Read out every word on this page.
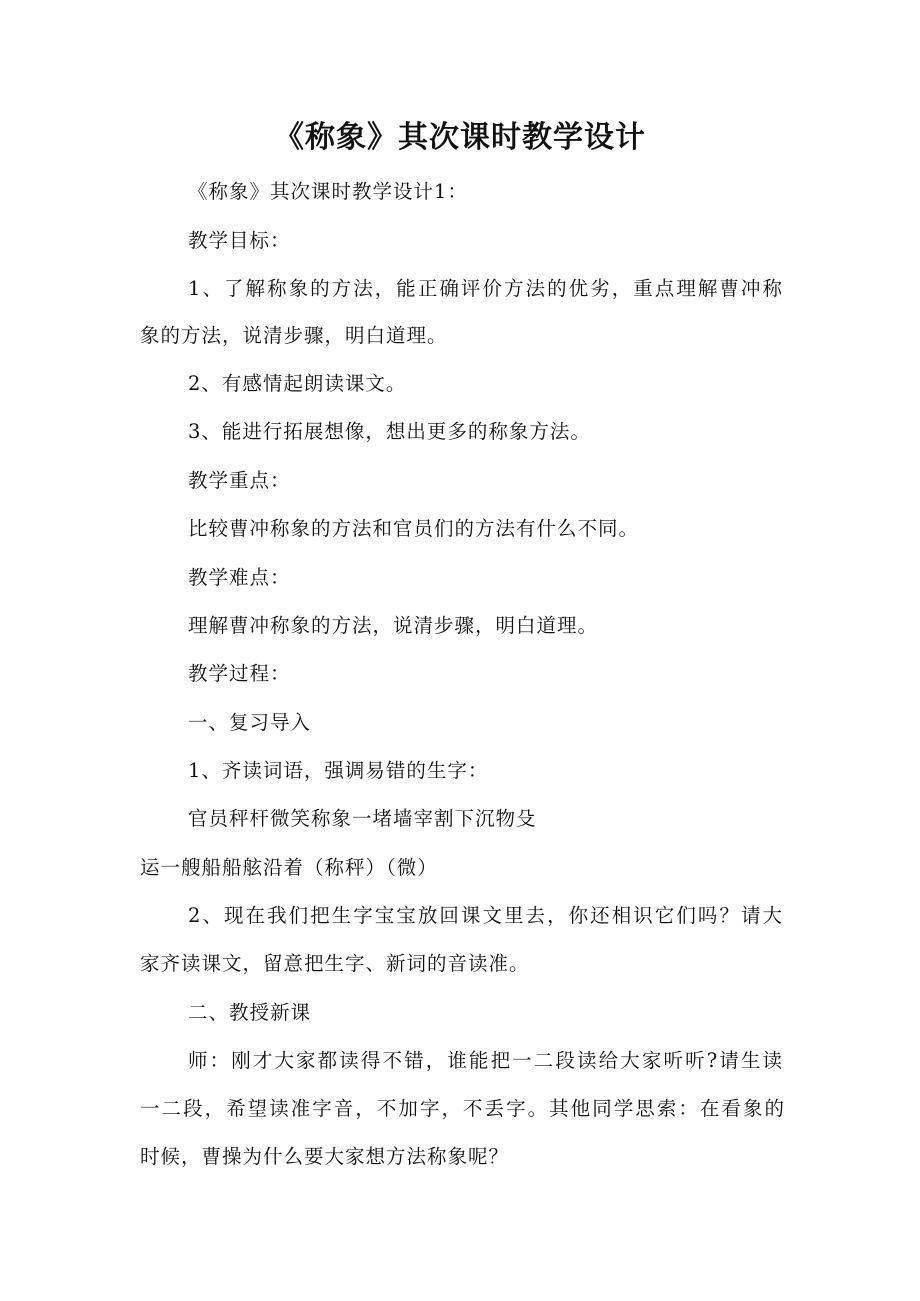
《称象》其次课时教学设计
《称象》其次课时教学设计1：
教学目标：
1、了解称象的方法，能正确评价方法的优劣，重点理解曹冲称
象的方法，说清步骤，明白道理。
2、有感情起朗读课文。
3、能进行拓展想像，想出更多的称象方法。
教学重点：
比较曹冲称象的方法和官员们的方法有什么不同。
教学难点：
理解曹冲称象的方法，说清步骤，明白道理。
教学过程：
一、复习导入
1、齐读词语，强调易错的生字：
官员秤杆微笑称象一堵墙宰割下沉物殳
运一艘船船舷沿着（称秤）（微）
2、现在我们把生字宝宝放回课文里去，你还相识它们吗？请大
家齐读课文，留意把生字、新词的音读准。
二、教授新课
师：刚才大家都读得不错，谁能把一二段读给大家听听?请生读
一二段，希望读准字音，不加字，不丢字。其他同学思索：在看象的
时候，曹操为什么要大家想方法称象呢？
